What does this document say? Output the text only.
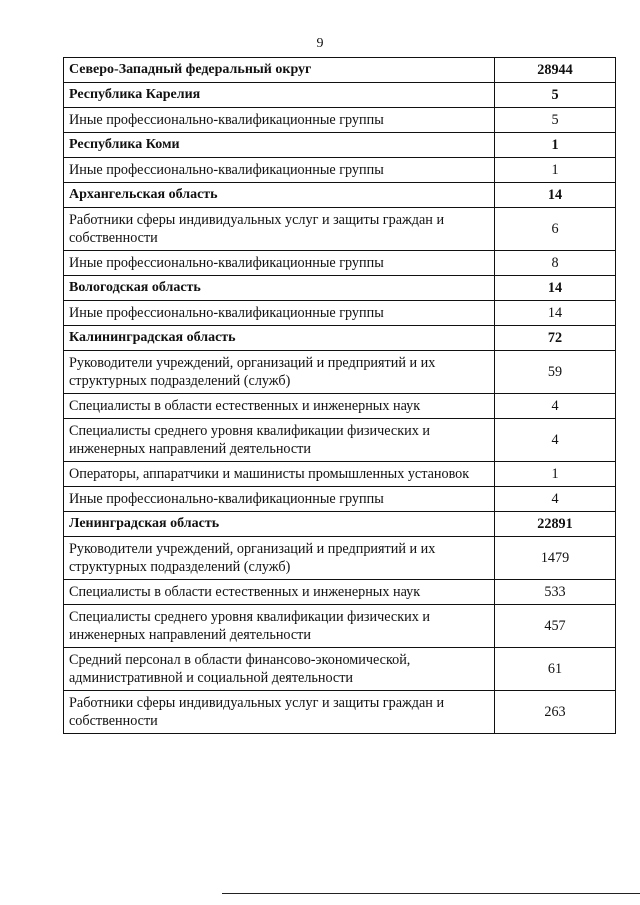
9
Северо-Западный федеральный округ	28944
Республика Карелия	5
Иные профессионально-квалификационные группы	5
Республика Коми	1
Иные профессионально-квалификационные группы	1
Архангельская область	14
Работники сферы индивидуальных услуг и защиты граждан и собственности	6
Иные профессионально-квалификационные группы	8
Вологодская область	14
Иные профессионально-квалификационные группы	14
Калининградская область	72
Руководители учреждений, организаций и предприятий и их структурных подразделений (служб)	59
Специалисты в области естественных и инженерных наук	4
Специалисты среднего уровня квалификации физических и инженерных направлений деятельности	4
Операторы, аппаратчики и машинисты промышленных установок	1
Иные профессионально-квалификационные группы	4
Ленинградская область	22891
Руководители учреждений, организаций и предприятий и их структурных подразделений (служб)	1479
Специалисты в области естественных и инженерных наук	533
Специалисты среднего уровня квалификации физических и инженерных направлений деятельности	457
Средний персонал в области финансово-экономической, административной и социальной деятельности	61
Работники сферы индивидуальных услуг и защиты граждан и собственности	263
